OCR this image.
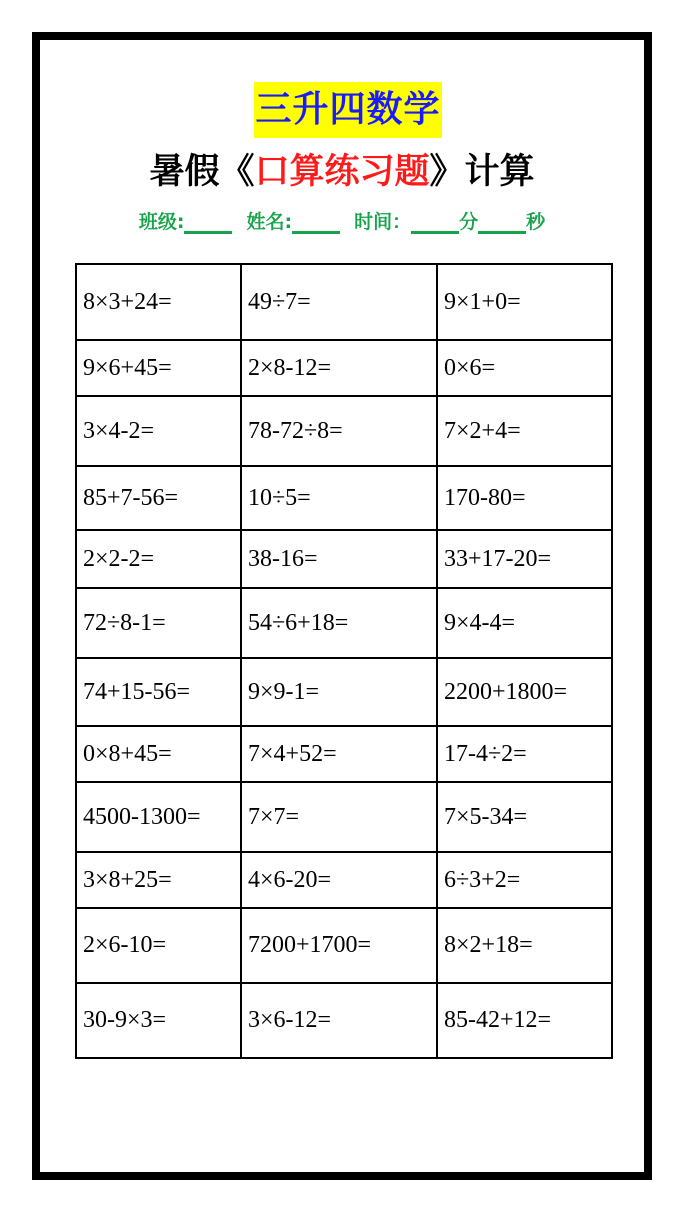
三升四数学
暑假《口算练习题》计算
班级:	姓名:	时间：	分	秒
8×3+24=	49÷7=	9×1+0=
9×6+45=	2×8-12=	0×6=
3×4-2=	78-72÷8=	7×2+4=
85+7-56=	10÷5=	170-80=
2×2-2=	38-16=	33+17-20=
72÷8-1=	54÷6+18=	9×4-4=
74+15-56=	9×9-1=	2200+1800=
0×8+45=	7×4+52=	17-4÷2=
4500-1300=	7×7=	7×5-34=
3×8+25=	4×6-20=	6÷3+2=
2×6-10=	7200+1700=	8×2+18=
30-9×3=	3×6-12=	85-42+12=
